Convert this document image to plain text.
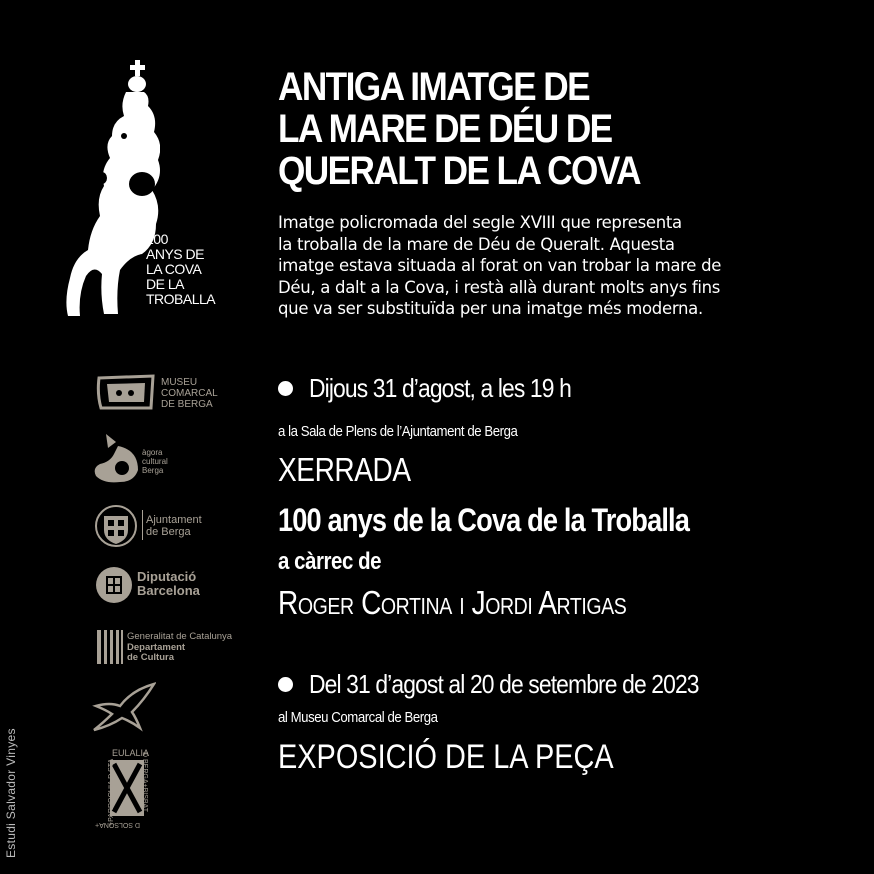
100
ANYS DE
LA COVA
DE LA
TROBALLA
ANTIGA IMATGE DE
LA MARE DE DÉU DE
QUERALT DE LA COVA
Imatge policromada del segle XVIII que representa
la troballa de la mare de Déu de Queralt. Aquesta
imatge estava situada al forat on van trobar la mare de
Déu, a dalt a la Cova, i restà allà durant molts anys fins
que va ser substituïda per una imatge més moderna.
Dijous 31 d’agost, a les 19 h
a la Sala de Plens de l’Ajuntament de Berga
XERRADA
100 anys de la Cova de la Troballa
a càrrec de
Roger Cortina i Jordi Artigas
Del 31 d’agost al 20 de setembre de 2023
al Museu Comarcal de Berga
EXPOSICIÓ DE LA PEÇA
MUSEU
COMARCAL
DE BERGA
àgora
cultural
Berga
Ajuntament
de Berga
Diputació
Barcelona
Generalitat de Catalunya
Departament
de Cultura
EULALIA
+PARROQUIA D STA	D BERGA+BISBAT
D SOLSONA+
Estudi Salvador Vinyes
